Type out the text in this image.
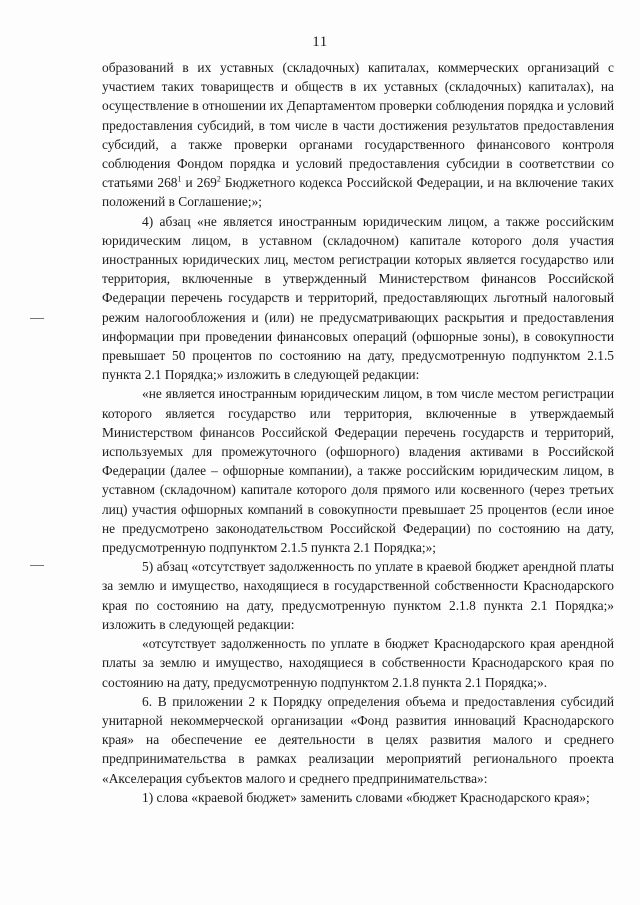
11

образований в их уставных (складочных) капиталах, коммерческих организаций с участием таких товариществ и обществ в их уставных (складочных) капиталах), на осуществление в отношении их Департаментом проверки соблюдения порядка и условий предоставления субсидий, в том числе в части достижения результатов предоставления субсидий, а также проверки органами государственного финансового контроля соблюдения Фондом порядка и условий предоставления субсидии в соответствии со статьями $268^1$ и $269^2$ Бюджетного кодекса Российской Федерации, и на включение таких положений в Соглашение;»;

4) абзац «не является иностранным юридическим лицом, а также российским юридическим лицом, в уставном (складочном) капитале которого доля участия иностранных юридических лиц, местом регистрации которых является государство или территория, включенные в утвержденный Министерством финансов Российской Федерации перечень государств и территорий, предоставляющих льготный налоговый режим налогообложения и (или) не предусматривающих раскрытия и предоставления информации при проведении финансовых операций (офшорные зоны), в совокупности превышает 50 процентов по состоянию на дату, предусмотренную подпунктом 2.1.5 пункта 2.1 Порядка;» изложить в следующей редакции:

«не является иностранным юридическим лицом, в том числе местом регистрации которого является государство или территория, включенные в утверждаемый Министерством финансов Российской Федерации перечень государств и территорий, используемых для промежуточного (офшорного) владения активами в Российской Федерации (далее – офшорные компании), а также российским юридическим лицом, в уставном (складочном) капитале которого доля прямого или косвенного (через третьих лиц) участия офшорных компаний в совокупности превышает 25 процентов (если иное не предусмотрено законодательством Российской Федерации) по состоянию на дату, предусмотренную подпунктом 2.1.5 пункта 2.1 Порядка;»;

5) абзац «отсутствует задолженность по уплате в краевой бюджет арендной платы за землю и имущество, находящиеся в государственной собственности Краснодарского края по состоянию на дату, предусмотренную пунктом 2.1.8 пункта 2.1 Порядка;» изложить в следующей редакции:

«отсутствует задолженность по уплате в бюджет Краснодарского края арендной платы за землю и имущество, находящиеся в собственности Краснодарского края по состоянию на дату, предусмотренную подпунктом 2.1.8 пункта 2.1 Порядка;».

6. В приложении 2 к Порядку определения объема и предоставления субсидий унитарной некоммерческой организации «Фонд развития инноваций Краснодарского края» на обеспечение ее деятельности в целях развития малого и среднего предпринимательства в рамках реализации мероприятий регионального проекта «Акселерация субъектов малого и среднего предпринимательства»:

1) слова «краевой бюджет» заменить словами «бюджет Краснодарского края»;
